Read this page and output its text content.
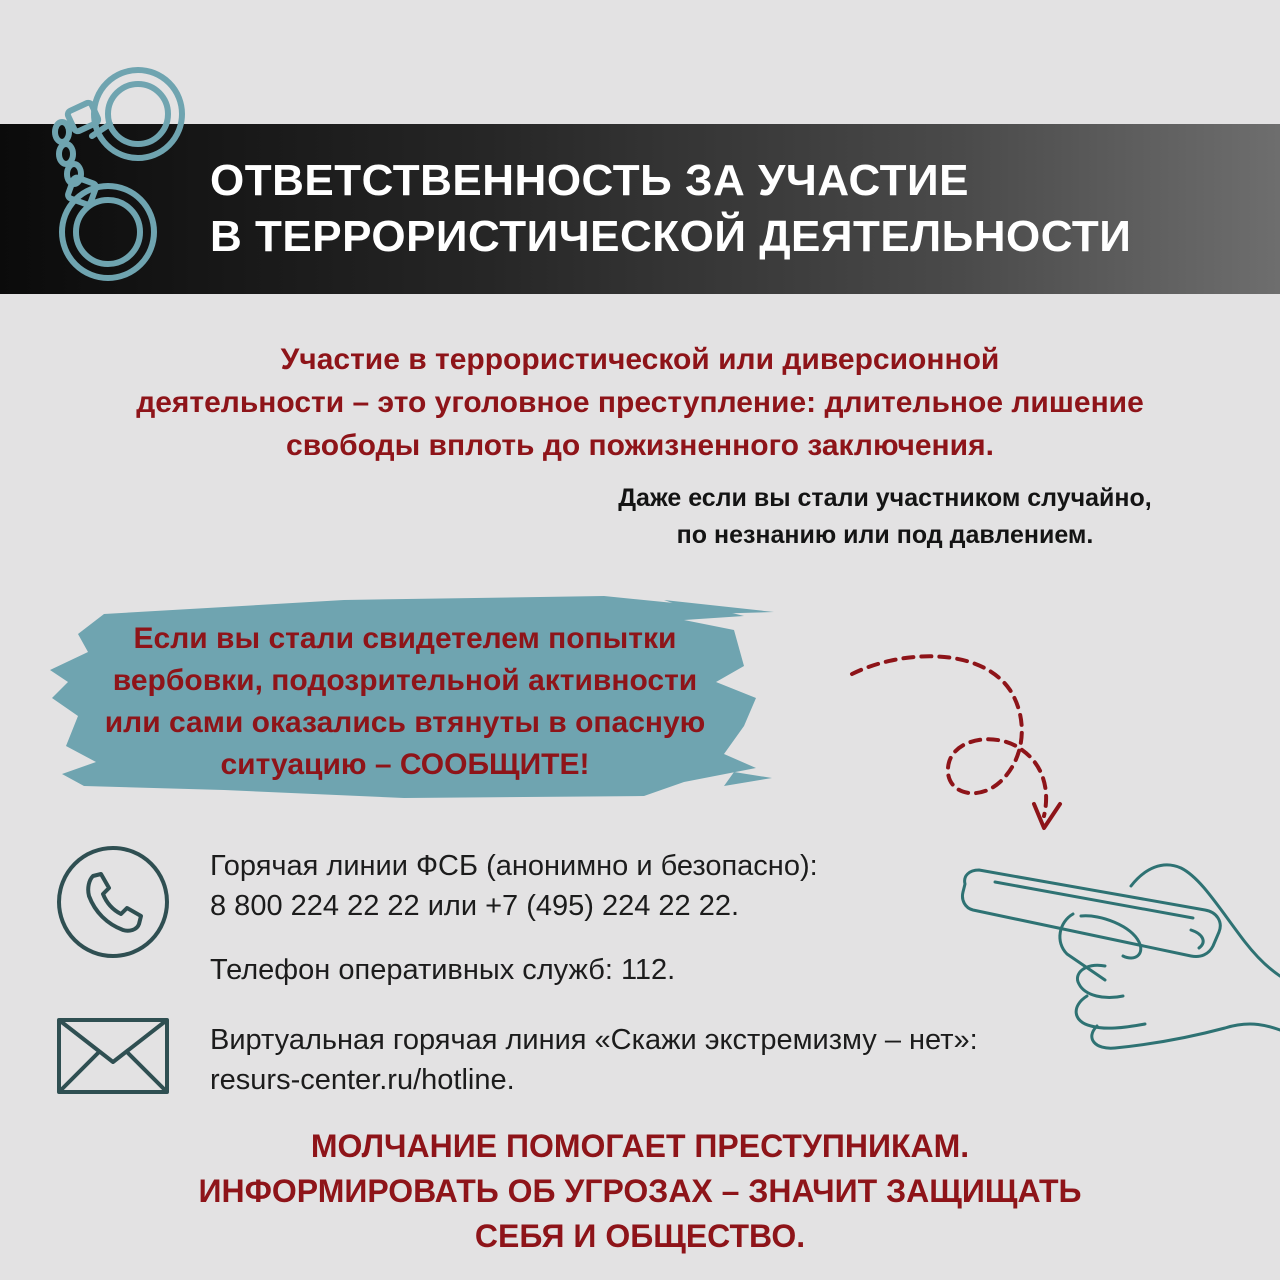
ОТВЕТСТВЕННОСТЬ ЗА УЧАСТИЕ
В ТЕРРОРИСТИЧЕСКОЙ ДЕЯТЕЛЬНОСТИ
Участие в террористической или диверсионной
деятельности – это уголовное преступление: длительное лишение
свободы вплоть до пожизненного заключения.
Даже если вы стали участником случайно,
по незнанию или под давлением.
Если вы стали свидетелем попытки
вербовки, подозрительной активности
или сами оказались втянуты в опасную
ситуацию – СООБЩИТЕ!
Горячая линии ФСБ (анонимно и безопасно):
8 800 224 22 22 или +7 (495) 224 22 22.
Телефон оперативных служб: 112.
Виртуальная горячая линия «Скажи экстремизму – нет»:
resurs-center.ru/hotline.
МОЛЧАНИЕ ПОМОГАЕТ ПРЕСТУПНИКАМ.
ИНФОРМИРОВАТЬ ОБ УГРОЗАХ – ЗНАЧИТ ЗАЩИЩАТЬ
СЕБЯ И ОБЩЕСТВО.
